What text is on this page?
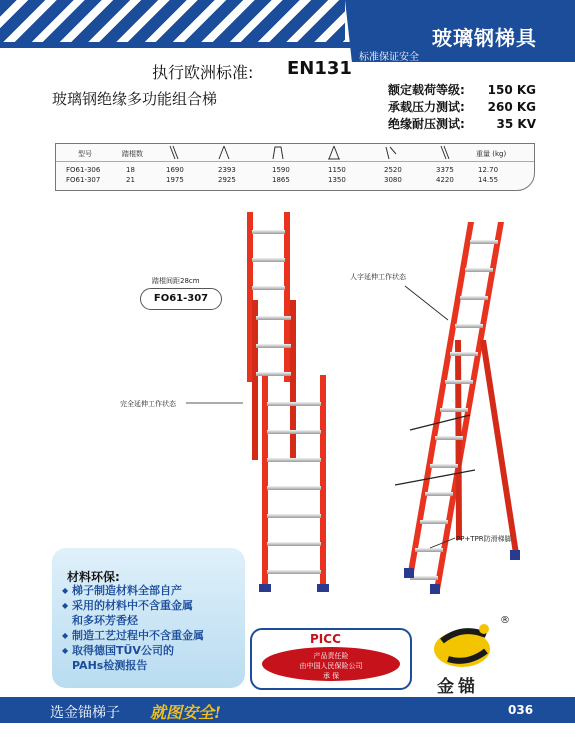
玻璃钢梯具
标准保证安全
执行欧洲标准: EN131
玻璃钢绝缘多功能组合梯	额定载荷等级: 150 KG
承载压力测试: 260 KG
绝缘耐压测试:	35 KV
型号	踏棍数	重量 (kg)
FO61-306	18	1690	2393	1590	1150	2520	3375	12.70
FO61-307	21	1975	2925	1865	1350	3080	4220	14.55
踏棍间距28cm
FO61-307
人字延伸工作状态
完全延伸工作状态
PP+TPR防滑梯脚
材料环保:
◆ 梯子制造材料全部自产
◆ 采用的材料中不含重金属
和多环芳香烃
◆ 制造工艺过程中不含重金属
◆ 取得德国TÜV公司的
PAHs检测报告
PICC
产品责任险
由中国人民保险公司
承 保
®
金锚
选金锚梯子 就图安全!	036
